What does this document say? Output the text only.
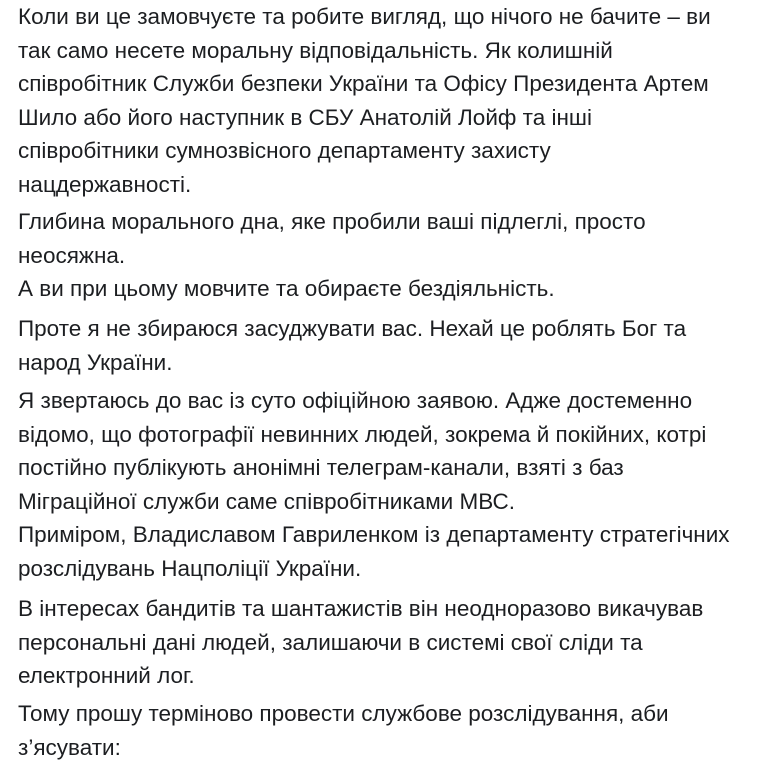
Коли ви це замовчуєте та робите вигляд, що нічого не бачите – ви
так само несете моральну відповідальність. Як колишній
співробітник Служби безпеки України та Офісу Президента Артем
Шило або його наступник в СБУ Анатолій Лойф та інші
співробітники сумнозвісного департаменту захисту
нацдержавності.

Глибина морального дна, яке пробили ваші підлеглі, просто
неосяжна.
А ви при цьому мовчите та обираєте бездіяльність.

Проте я не збираюся засуджувати вас. Нехай це роблять Бог та
народ України.

Я звертаюсь до вас із суто офіційною заявою. Адже достеменно
відомо, що фотографії невинних людей, зокрема й покійних, котрі
постійно публікують анонімні телеграм-канали, взяті з баз
Міграційної служби саме співробітниками МВС.
Приміром, Владиславом Гавриленком із департаменту стратегічних
розслідувань Нацполіції України.

В інтересах бандитів та шантажистів він неодноразово викачував
персональні дані людей, залишаючи в системі свої сліди та
електронний лог.

Тому прошу терміново провести службове розслідування, аби
з’ясувати:
